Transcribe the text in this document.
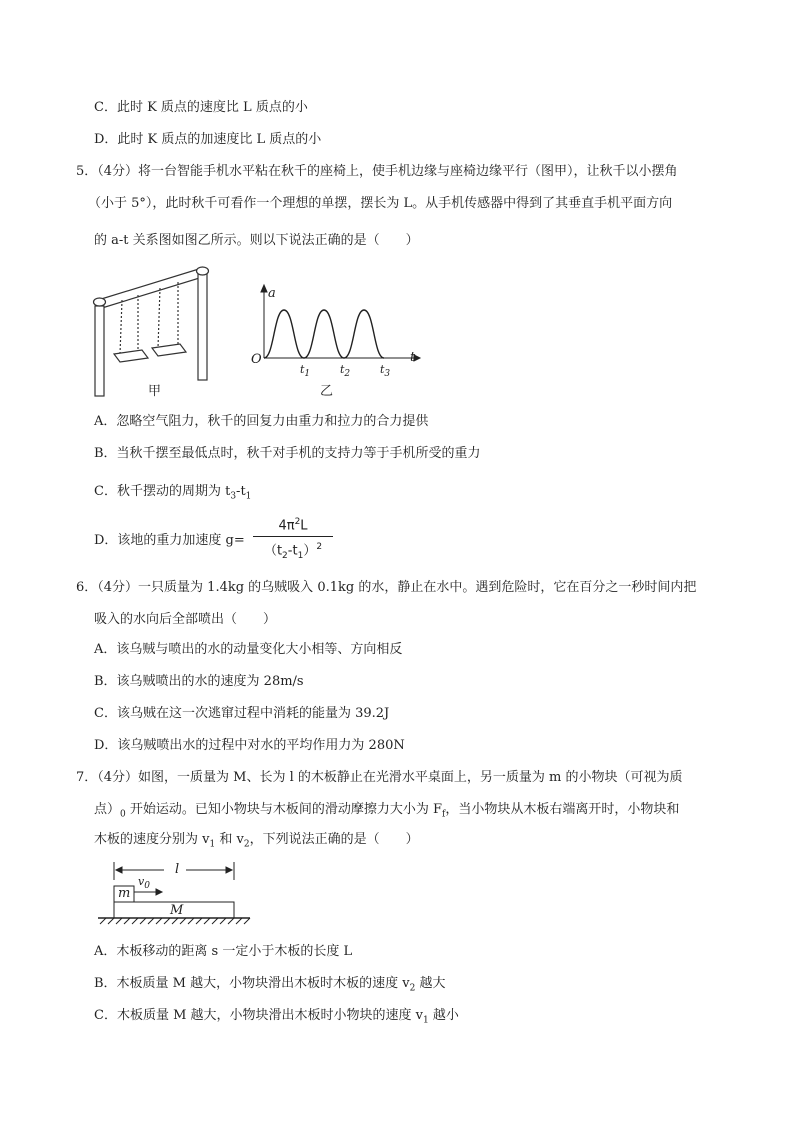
C．此时 K 质点的速度比 L 质点的小
D．此时 K 质点的加速度比 L 质点的小
5．（4分）将一台智能手机水平粘在秋千的座椅上，使手机边缘与座椅边缘平行（图甲），让秋千以小摆角
（小于 5°），此时秋千可看作一个理想的单摆，摆长为 L。从手机传感器中得到了其垂直手机平面方向
的 a-t 关系图如图乙所示。则以下说法正确的是（　　）
甲
a
t
O
$t_1$	$t_2$	$t_3$
乙
A．忽略空气阻力，秋千的回复力由重力和拉力的合力提供
B．当秋千摆至最低点时，秋千对手机的支持力等于手机所受的重力
C．秋千摆动的周期为 $t_3-t_1$
D．该地的重力加速度 g=
$4\pi^2L$
$(t_2-t_1)^2$
6．（4分）一只质量为 1.4kg 的乌贼吸入 0.1kg 的水，静止在水中。遇到危险时，它在百分之一秒时间内把
吸入的水向后全部喷出（　　）
A．该乌贼与喷出的水的动量变化大小相等、方向相反
B．该乌贼喷出的水的速度为 28m/s
C．该乌贼在这一次逃窜过程中消耗的能量为 39.2J
D．该乌贼喷出水的过程中对水的平均作用力为 280N
7．（4分）如图，一质量为 M、长为 l 的木板静止在光滑水平桌面上，另一质量为 m 的小物块（可视为质
点）$_0$ 开始运动。已知小物块与木板间的滑动摩擦力大小为 $F_f$，当小物块从木板右端离开时，小物块和
木板的速度分别为 $v_1$ 和 $v_2$，下列说法正确的是（　　）
l
m
$v_0$
M
A．木板移动的距离 s 一定小于木板的长度 L
B．木板质量 M 越大，小物块滑出木板时木板的速度 $v_2$ 越大
C．木板质量 M 越大，小物块滑出木板时小物块的速度 $v_1$ 越小
